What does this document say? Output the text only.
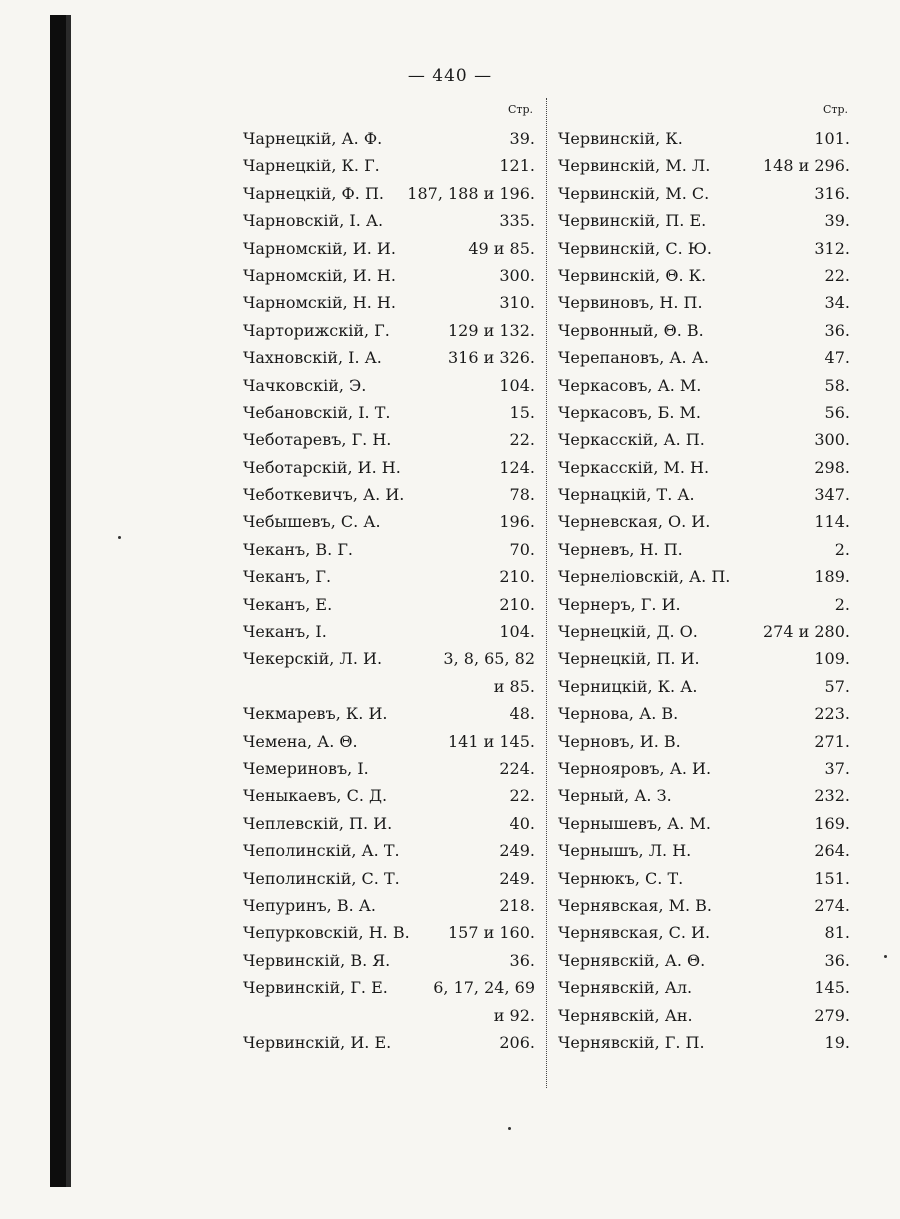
— 440 —
Стр.
Чарнецкій, А. Ф.	39.
Чарнецкій, К. Г.	121.
Чарнецкій, Ф. П. 187, 188 и 196.
Чарновскій, І. А.	335.
Чарномскій, И. И.	49 и 85.
Чарномскій, И. Н.	300.
Чарномскій, Н. Н.	310.
Чарторижскій, Г.	129 и 132.
Чахновскій, І. А.	316 и 326.
Чачковскій, Э.	104.
Чебановскій, І. Т.	15.
Чеботаревъ, Г. Н.	22.
Чеботарскій, И. Н.	124.
Чеботкевичъ, А. И.	78.
Чебышевъ, С. А.	196.
Чеканъ, В. Г.	70.
Чеканъ, Г.	210.
Чеканъ, Е.	210.
Чеканъ, І.	104.
Чекерскій, Л. И.	3, 8, 65, 82
и 85.
Чекмаревъ, К. И.	48.
Чемена, А. Θ.	141 и 145.
Чемериновъ, І.	224.
Ченыкаевъ, С. Д.	22.
Чеплевскій, П. И.	40.
Чеполинскій, А. Т.	249.
Чеполинскій, С. Т.	249.
Чепуринъ, В. А.	218.
Чепурковскій, Н. В. 157 и 160.
Червинскій, В. Я.	36.
Червинскій, Г. Е.	6, 17, 24, 69
и 92.
Червинскій, И. Е.	206.
Стр.
Червинскій, К.	101.
Червинскій, М. Л.	148 и 296.
Червинскій, М. С.	316.
Червинскій, П. Е.	39.
Червинскій, С. Ю.	312.
Червинскій, Θ. К.	22.
Червиновъ, Н. П.	34.
Червонный, Θ. В.	36.
Черепановъ, А. А.	47.
Черкасовъ, А. М.	58.
Черкасовъ, Б. М.	56.
Черкасскій, А. П.	300.
Черкасскій, М. Н.	298.
Чернацкій, Т. А.	347.
Черневская, О. И.	114.
Черневъ, Н. П.	2.
Чернеліовскій, А. П.	189.
Чернеръ, Г. И.	2.
Чернецкій, Д. О.	274 и 280.
Чернецкій, П. И.	109.
Черницкій, К. А.	57.
Чернова, А. В.	223.
Черновъ, И. В.	271.
Чернояровъ, А. И.	37.
Черный, А. З.	232.
Чернышевъ, А. М.	169.
Чернышъ, Л. Н.	264.
Чернюкъ, С. Т.	151.
Чернявская, М. В.	274.
Чернявская, С. И.	81.
Чернявскій, А. Θ.	36.
Чернявскій, Ал.	145.
Чернявскій, Ан.	279.
Чернявскій, Г. П.	19.
